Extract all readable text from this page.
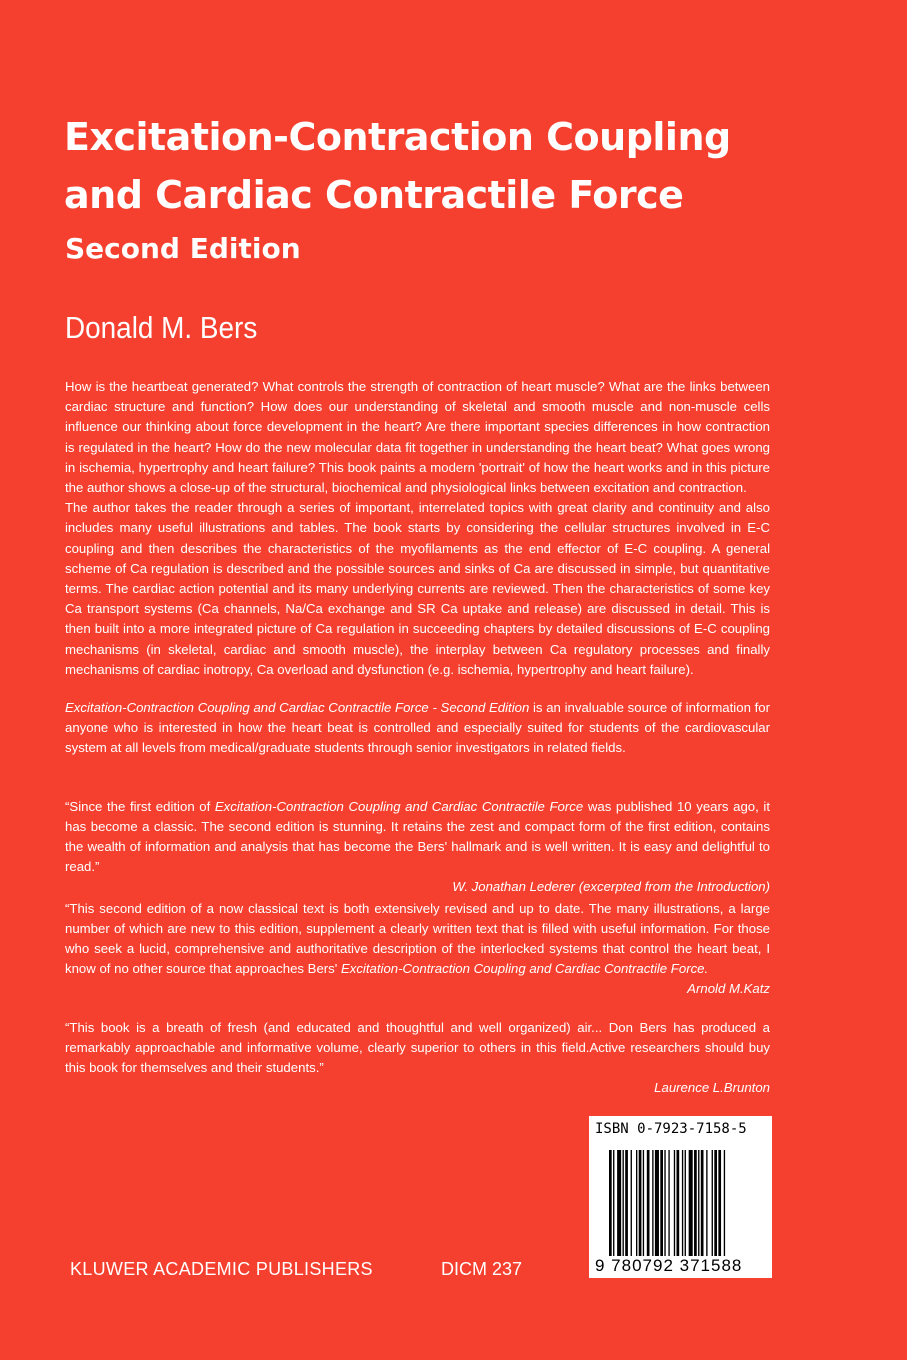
Excitation-Contraction Coupling
and Cardiac Contractile Force
Second Edition
Donald M. Bers
How is the heartbeat generated? What controls the strength of contraction of heart muscle? What are the links between cardiac structure and function? How does our understanding of skeletal and smooth muscle and non-muscle cells influence our thinking about force development in the heart? Are there important species differences in how contraction is regulated in the heart? How do the new molecular data fit together in understanding the heart beat? What goes wrong in ischemia, hypertrophy and heart failure? This book paints a modern 'portrait' of how the heart works and in this picture the author shows a close-up of the structural, biochemical and physiological links between excitation and contraction.
The author takes the reader through a series of important, interrelated topics with great clarity and continuity and also includes many useful illustrations and tables. The book starts by considering the cellular structures involved in E-C coupling and then describes the characteristics of the myofilaments as the end effector of E-C coupling. A general scheme of Ca regulation is described and the possible sources and sinks of Ca are discussed in simple, but quantitative terms. The cardiac action potential and its many underlying currents are reviewed. Then the characteristics of some key Ca transport systems (Ca channels, Na/Ca exchange and SR Ca uptake and release) are discussed in detail. This is then built into a more integrated picture of Ca regulation in succeeding chapters by detailed discussions of E-C coupling mechanisms (in skeletal, cardiac and smooth muscle), the interplay between Ca regulatory processes and finally mechanisms of cardiac inotropy, Ca overload and dysfunction (e.g. ischemia, hypertrophy and heart failure).
Excitation-Contraction Coupling and Cardiac Contractile Force - Second Edition is an invaluable source of information for anyone who is interested in how the heart beat is controlled and especially suited for students of the cardiovascular system at all levels from medical/graduate students through senior investigators in related fields.
“Since the first edition of Excitation-Contraction Coupling and Cardiac Contractile Force was published 10 years ago, it has become a classic. The second edition is stunning. It retains the zest and compact form of the first edition, contains the wealth of information and analysis that has become the Bers' hallmark and is well written. It is easy and delightful to read.”
W. Jonathan Lederer (excerpted from the Introduction)
“This second edition of a now classical text is both extensively revised and up to date. The many illustrations, a large number of which are new to this edition, supplement a clearly written text that is filled with useful information. For those who seek a lucid, comprehensive and authoritative description of the interlocked systems that control the heart beat, I know of no other source that approaches Bers' Excitation-Contraction Coupling and Cardiac Contractile Force.
Arnold M.Katz
“This book is a breath of fresh (and educated and thoughtful and well organized) air... Don Bers has produced a remarkably approachable and informative volume, clearly superior to others in this field.Active researchers should buy this book for themselves and their students.”
Laurence L.Brunton
ISBN 0-7923-7158-5
9 780792 371588
KLUWER ACADEMIC PUBLISHERS	DICM 237
